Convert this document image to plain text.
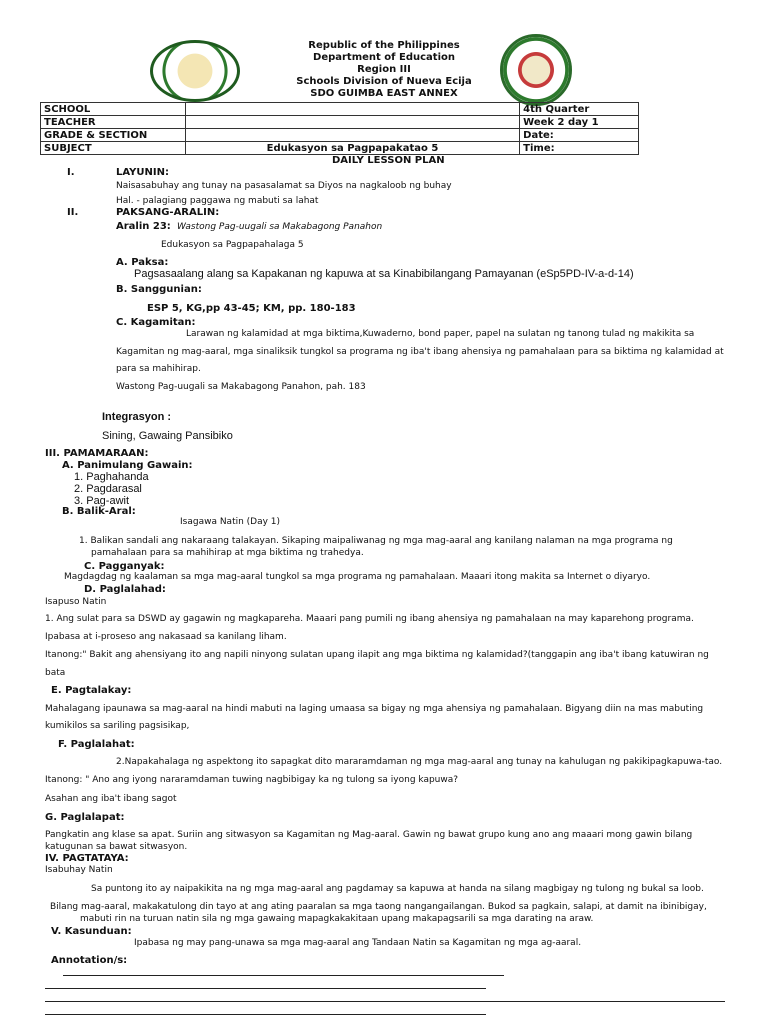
Republic of the Philippines
Department of Education
Region III
Schools Division of Nueva Ecija
SDO GUIMBA EAST ANNEX
SCHOOL		4th Quarter
TEACHER		Week 2 day 1
GRADE & SECTION		Date:
SUBJECT	Edukasyon sa Pagpapakatao 5	Time:
DAILY LESSON PLAN
I.	LAYUNIN:
Naisasabuhay ang tunay na pasasalamat sa Diyos na nagkaloob ng buhay
Hal. - palagiang paggawa ng mabuti sa lahat
II.	PAKSANG-ARALIN:
Aralin 23: Wastong Pag-uugali sa Makabagong Panahon
Edukasyon sa Pagpapahalaga 5
A. Paksa:
Pagsasaalang alang sa Kapakanan ng kapuwa at sa Kinabibilangang Pamayanan (eSp5PD-IV-a-d-14)
B. Sanggunian:
ESP 5, KG,pp 43-45; KM, pp. 180-183
C. Kagamitan:
Larawan ng kalamidad at mga biktima,Kuwaderno, bond paper, papel na sulatan ng tanong tulad ng makikita sa
Kagamitan ng mag-aaral, mga sinaliksik tungkol sa programa ng iba't ibang ahensiya ng pamahalaan para sa biktima ng kalamidad at
para sa mahihirap.
Wastong Pag-uugali sa Makabagong Panahon, pah. 183
Integrasyon :
Sining, Gawaing Pansibiko
III. PAMAMARAAN:
A. Panimulang Gawain:
1. Paghahanda
2. Pagdarasal
3. Pag-awit
B. Balik-Aral:
Isagawa Natin (Day 1)
1. Balikan sandali ang nakaraang talakayan. Sikaping maipaliwanag ng mga mag-aaral ang kanilang nalaman na mga programa ng
pamahalaan para sa mahihirap at mga biktima ng trahedya.
C. Pagganyak:
Magdagdag ng kaalaman sa mga mag-aaral tungkol sa mga programa ng pamahalaan. Maaari itong makita sa Internet o diyaryo.
D. Paglalahad:
Isapuso Natin
1. Ang sulat para sa DSWD ay gagawin ng magkapareha. Maaari pang pumili ng ibang ahensiya ng pamahalaan na may kaparehong programa.
Ipabasa at i-proseso ang nakasaad sa kanilang liham.
Itanong:" Bakit ang ahensiyang ito ang napili ninyong sulatan upang ilapit ang mga biktima ng kalamidad?(tanggapin ang iba't ibang katuwiran ng
bata
E. Pagtalakay:
Mahalagang ipaunawa sa mag-aaral na hindi mabuti na laging umaasa sa bigay ng mga ahensiya ng pamahalaan. Bigyang diin na mas mabuting
kumikilos sa sariling pagsisikap,
F. Paglalahat:
2.Napakahalaga ng aspektong ito sapagkat dito mararamdaman ng mga mag-aaral ang tunay na kahulugan ng pakikipagkapuwa-tao.
Itanong: " Ano ang iyong nararamdaman tuwing nagbibigay ka ng tulong sa iyong kapuwa?
Asahan ang iba't ibang sagot
G. Paglalapat:
Pangkatin ang klase sa apat. Suriin ang sitwasyon sa Kagamitan ng Mag-aaral. Gawin ng bawat grupo kung ano ang maaari mong gawin bilang
katugunan sa bawat sitwasyon.
IV. PAGTATAYA:
Isabuhay Natin
Sa puntong ito ay naipakikita na ng mga mag-aaral ang pagdamay sa kapuwa at handa na silang magbigay ng tulong ng bukal sa loob.
Bilang mag-aaral, makakatulong din tayo at ang ating paaralan sa mga taong nangangailangan. Bukod sa pagkain, salapi, at damit na ibinibigay,
mabuti rin na turuan natin sila ng mga gawaing mapagkakakitaan upang makapagsarili sa mga darating na araw.
V. Kasunduan:
Ipabasa ng may pang-unawa sa mga mag-aaral ang Tandaan Natin sa Kagamitan ng mga ag-aaral.
Annotation/s:
